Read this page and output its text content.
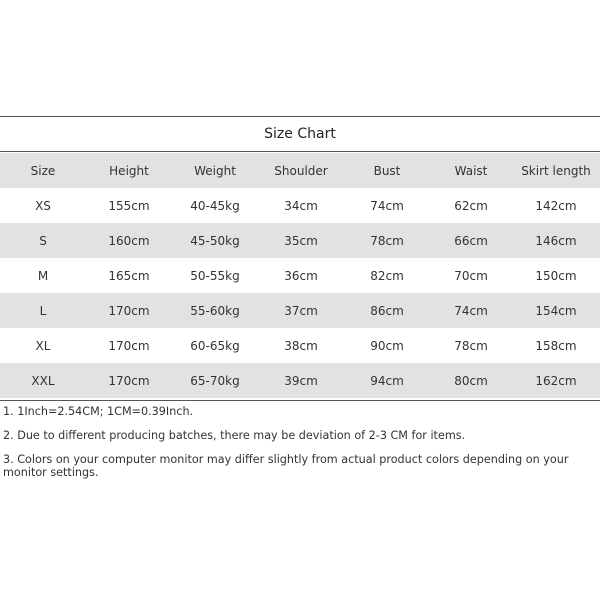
Size Chart
Size	Height	Weight	Shoulder	Bust	Waist	Skirt length
XS	155cm	40-45kg	34cm	74cm	62cm	142cm
S	160cm	45-50kg	35cm	78cm	66cm	146cm
M	165cm	50-55kg	36cm	82cm	70cm	150cm
L	170cm	55-60kg	37cm	86cm	74cm	154cm
XL	170cm	60-65kg	38cm	90cm	78cm	158cm
XXL	170cm	65-70kg	39cm	94cm	80cm	162cm
1. 1Inch=2.54CM; 1CM=0.39Inch.
2. Due to different producing batches, there may be deviation of 2-3 CM for items.
3. Colors on your computer monitor may differ slightly from actual product colors depending on your monitor settings.
